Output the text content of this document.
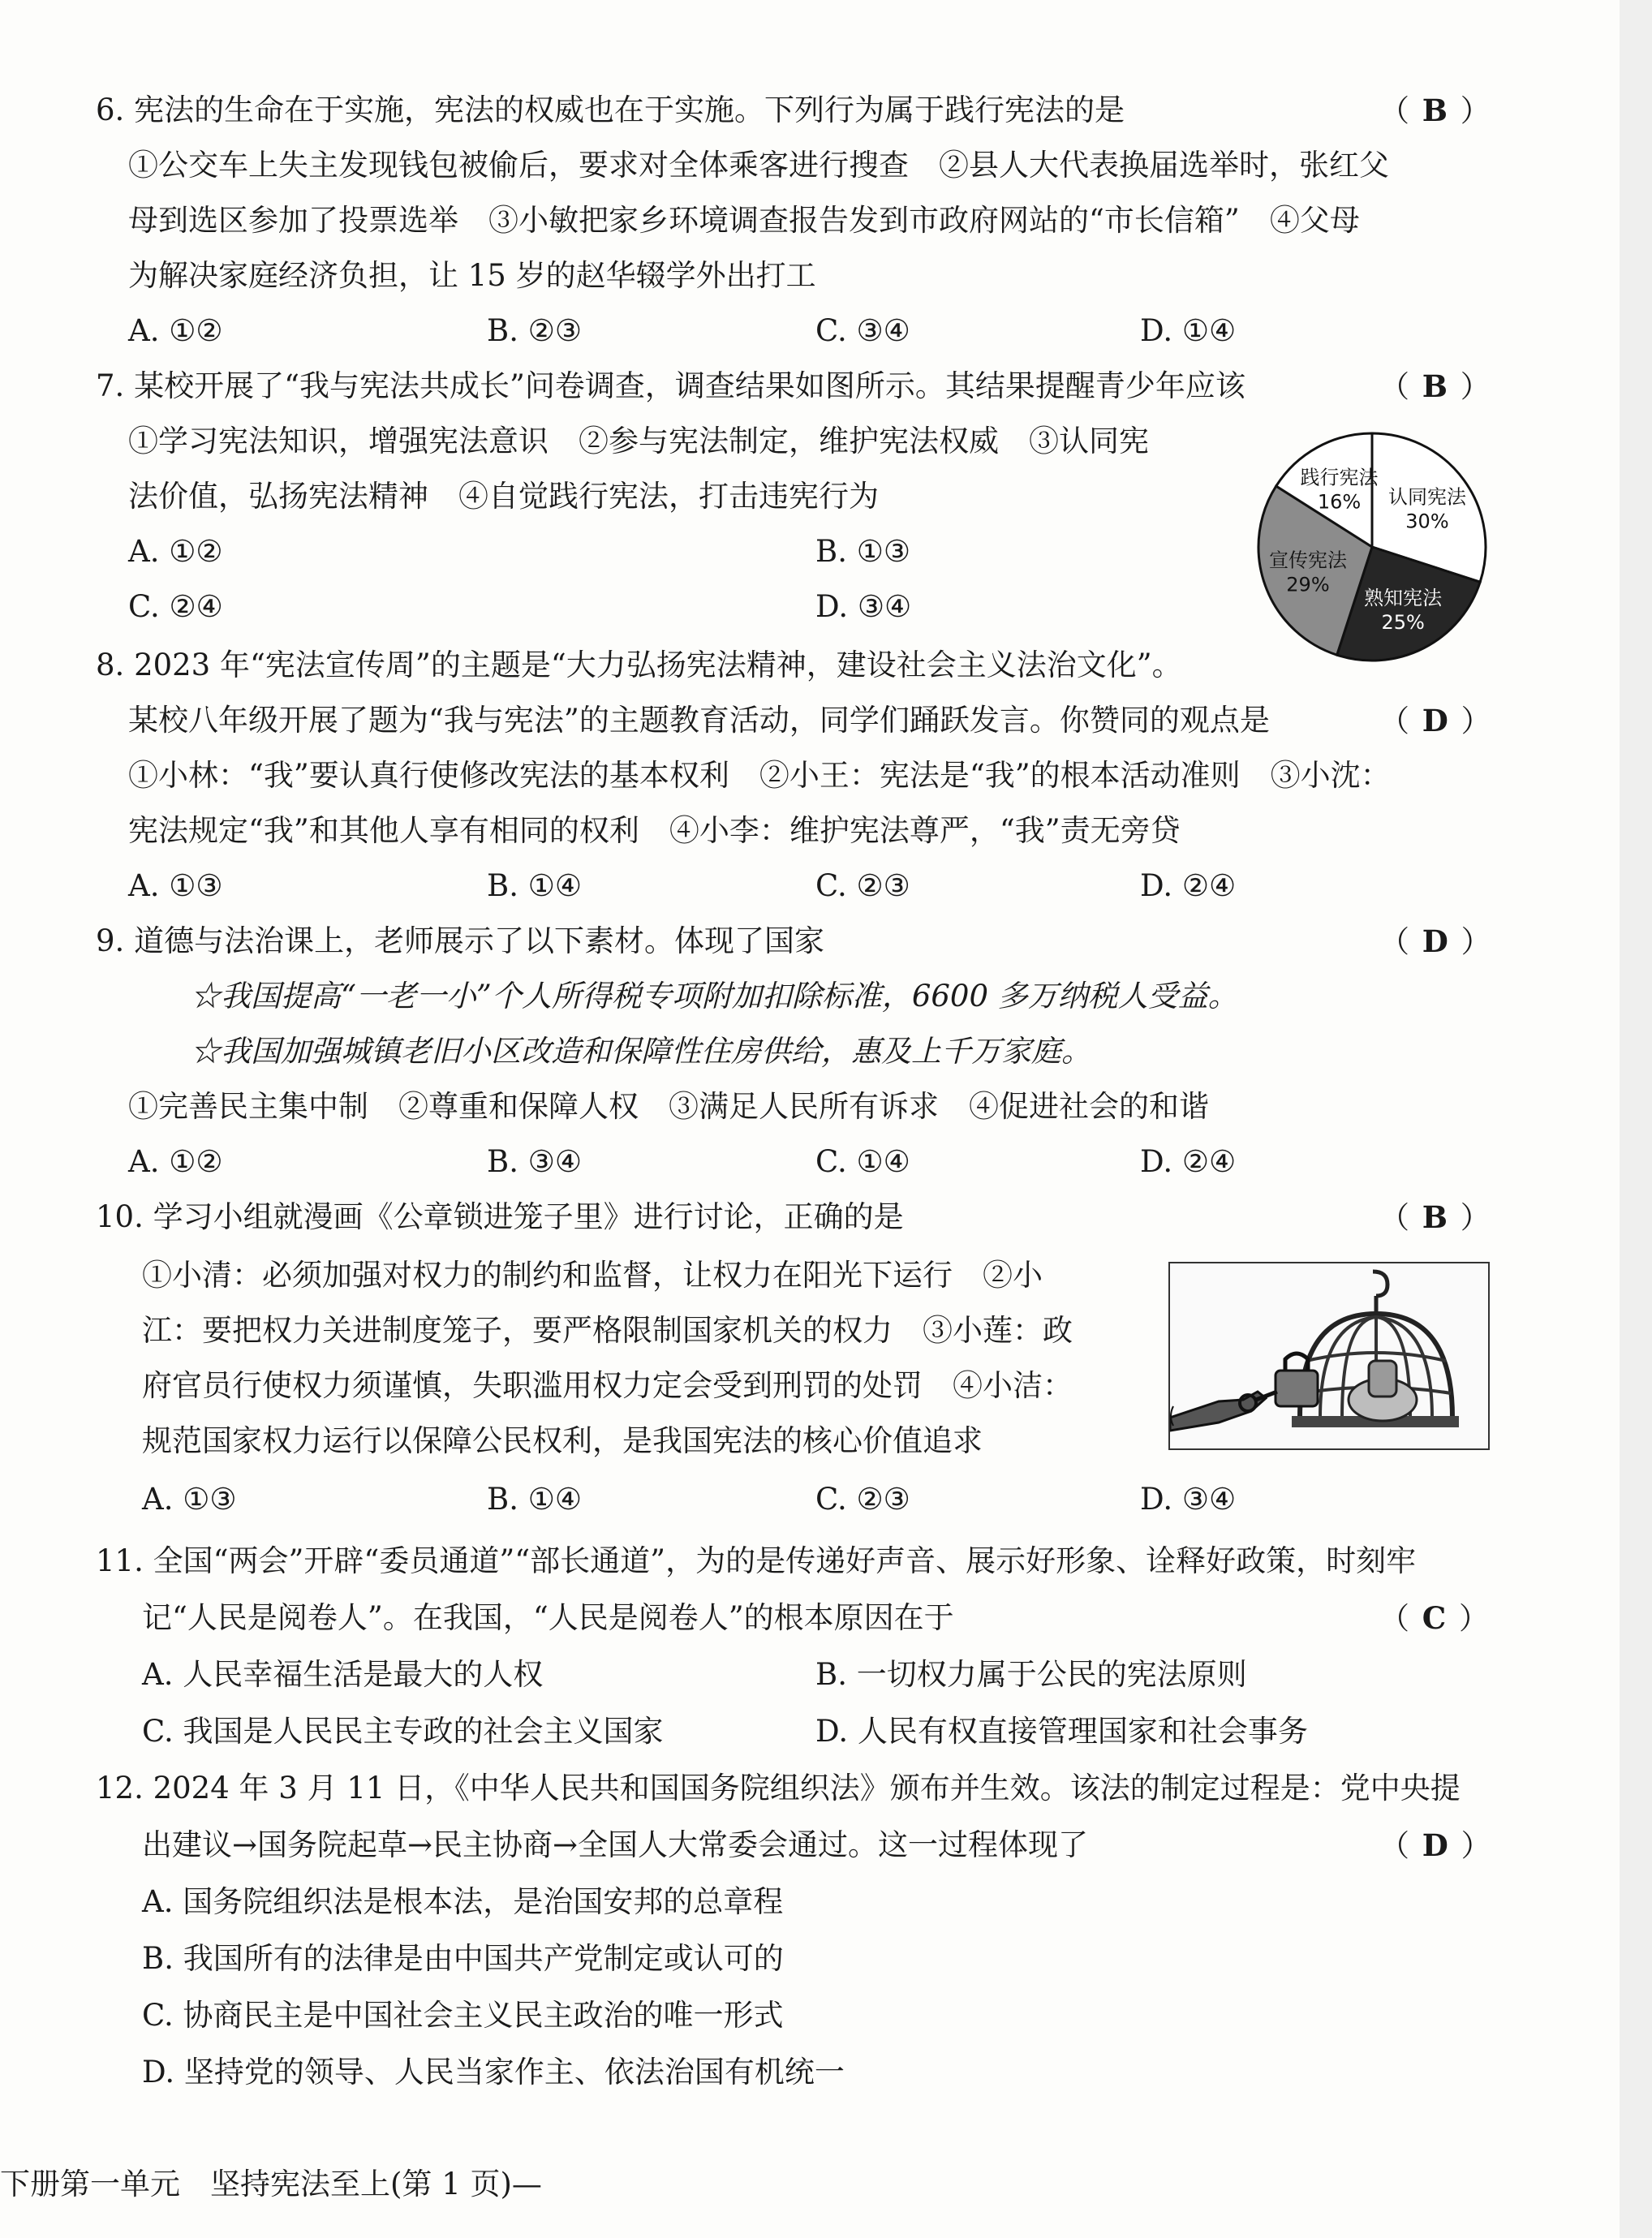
6. 宪法的生命在于实施，宪法的权威也在于实施。下列行为属于践行宪法的是	（ B ）
①公交车上失主发现钱包被偷后，要求对全体乘客进行搜查　②县人大代表换届选举时，张红父
母到选区参加了投票选举　③小敏把家乡环境调查报告发到市政府网站的“市长信箱”　④父母
为解决家庭经济负担，让 15 岁的赵华辍学外出打工
A. ①②	B. ②③	C. ③④	D. ①④
7. 某校开展了“我与宪法共成长”问卷调查，调查结果如图所示。其结果提醒青少年应该	（ B ）
①学习宪法知识，增强宪法意识　②参与宪法制定，维护宪法权威　③认同宪
法价值，弘扬宪法精神　④自觉践行宪法，打击违宪行为
A. ①②	B. ①③
C. ②④	D. ③④
认同宪法
30%
熟知宪法
25%
宣传宪法
29%
践行宪法
16%
8. 2023 年“宪法宣传周”的主题是“大力弘扬宪法精神，建设社会主义法治文化”。
某校八年级开展了题为“我与宪法”的主题教育活动，同学们踊跃发言。你赞同的观点是	（ D ）
①小林：“我”要认真行使修改宪法的基本权利　②小王：宪法是“我”的根本活动准则　③小沈：
宪法规定“我”和其他人享有相同的权利　④小李：维护宪法尊严，“我”责无旁贷
A. ①③	B. ①④	C. ②③	D. ②④
9. 道德与法治课上，老师展示了以下素材。体现了国家	（ D ）
☆我国提高“一老一小”个人所得税专项附加扣除标准，6600 多万纳税人受益。
☆我国加强城镇老旧小区改造和保障性住房供给，惠及上千万家庭。
①完善民主集中制　②尊重和保障人权　③满足人民所有诉求　④促进社会的和谐
A. ①②	B. ③④	C. ①④	D. ②④
10. 学习小组就漫画《公章锁进笼子里》进行讨论，正确的是	（ B ）
①小清：必须加强对权力的制约和监督，让权力在阳光下运行　②小
江：要把权力关进制度笼子，要严格限制国家机关的权力　③小莲：政
府官员行使权力须谨慎，失职滥用权力定会受到刑罚的处罚　④小洁：
规范国家权力运行以保障公民权利，是我国宪法的核心价值追求
A. ①③	B. ①④	C. ②③	D. ③④
11. 全国“两会”开辟“委员通道”“部长通道”，为的是传递好声音、展示好形象、诠释好政策，时刻牢
记“人民是阅卷人”。在我国，“人民是阅卷人”的根本原因在于	（ C ）
A. 人民幸福生活是最大的人权	B. 一切权力属于公民的宪法原则
C. 我国是人民民主专政的社会主义国家	D. 人民有权直接管理国家和社会事务
12. 2024 年 3 月 11 日，《中华人民共和国国务院组织法》颁布并生效。该法的制定过程是：党中央提
出建议→国务院起草→民主协商→全国人大常委会通过。这一过程体现了	（ D ）
A. 国务院组织法是根本法，是治国安邦的总章程
B. 我国所有的法律是由中国共产党制定或认可的
C. 协商民主是中国社会主义民主政治的唯一形式
D. 坚持党的领导、人民当家作主、依法治国有机统一
下册第一单元　坚持宪法至上(第 1 页)—
